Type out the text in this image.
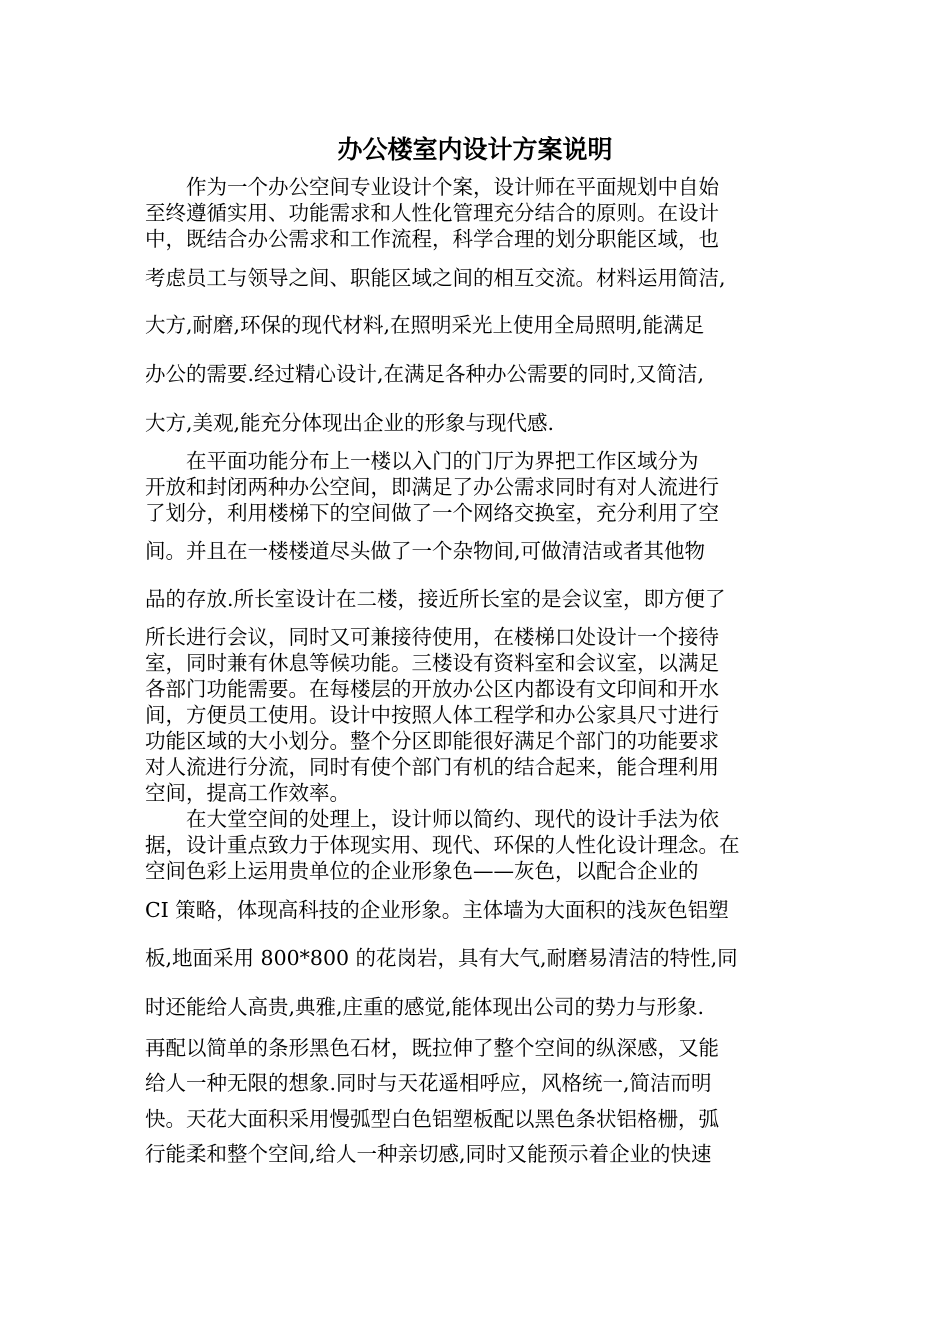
办公楼室内设计方案说明
作为一个办公空间专业设计个案，设计师在平面规划中自始
至终遵循实用、功能需求和人性化管理充分结合的原则。在设计
中，既结合办公需求和工作流程，科学合理的划分职能区域，也
考虑员工与领导之间、职能区域之间的相互交流。材料运用简洁,
大方,耐磨,环保的现代材料,在照明采光上使用全局照明,能满足
办公的需要.经过精心设计,在满足各种办公需要的同时,又简洁,
大方,美观,能充分体现出企业的形象与现代感.
在平面功能分布上一楼以入门的门厅为界把工作区域分为
开放和封闭两种办公空间，即满足了办公需求同时有对人流进行
了划分，利用楼梯下的空间做了一个网络交换室，充分利用了空
间。并且在一楼楼道尽头做了一个杂物间,可做清洁或者其他物
品的存放.所长室设计在二楼，接近所长室的是会议室，即方便了
所长进行会议，同时又可兼接待使用，在楼梯口处设计一个接待
室，同时兼有休息等候功能。三楼设有资料室和会议室，以满足
各部门功能需要。在每楼层的开放办公区内都设有文印间和开水
间，方便员工使用。设计中按照人体工程学和办公家具尺寸进行
功能区域的大小划分。整个分区即能很好满足个部门的功能要求
对人流进行分流，同时有使个部门有机的结合起来，能合理利用
空间，提高工作效率。
在大堂空间的处理上，设计师以简约、现代的设计手法为依
据，设计重点致力于体现实用、现代、环保的人性化设计理念。在
空间色彩上运用贵单位的企业形象色——灰色，以配合企业的
CI 策略，体现高科技的企业形象。主体墙为大面积的浅灰色铝塑
板,地面采用 800*800 的花岗岩，具有大气,耐磨易清洁的特性,同
时还能给人高贵,典雅,庄重的感觉,能体现出公司的势力与形象.
再配以简单的条形黑色石材，既拉伸了整个空间的纵深感，又能
给人一种无限的想象.同时与天花遥相呼应，风格统一,简洁而明
快。天花大面积采用慢弧型白色铝塑板配以黑色条状铝格栅，弧
行能柔和整个空间,给人一种亲切感,同时又能预示着企业的快速
